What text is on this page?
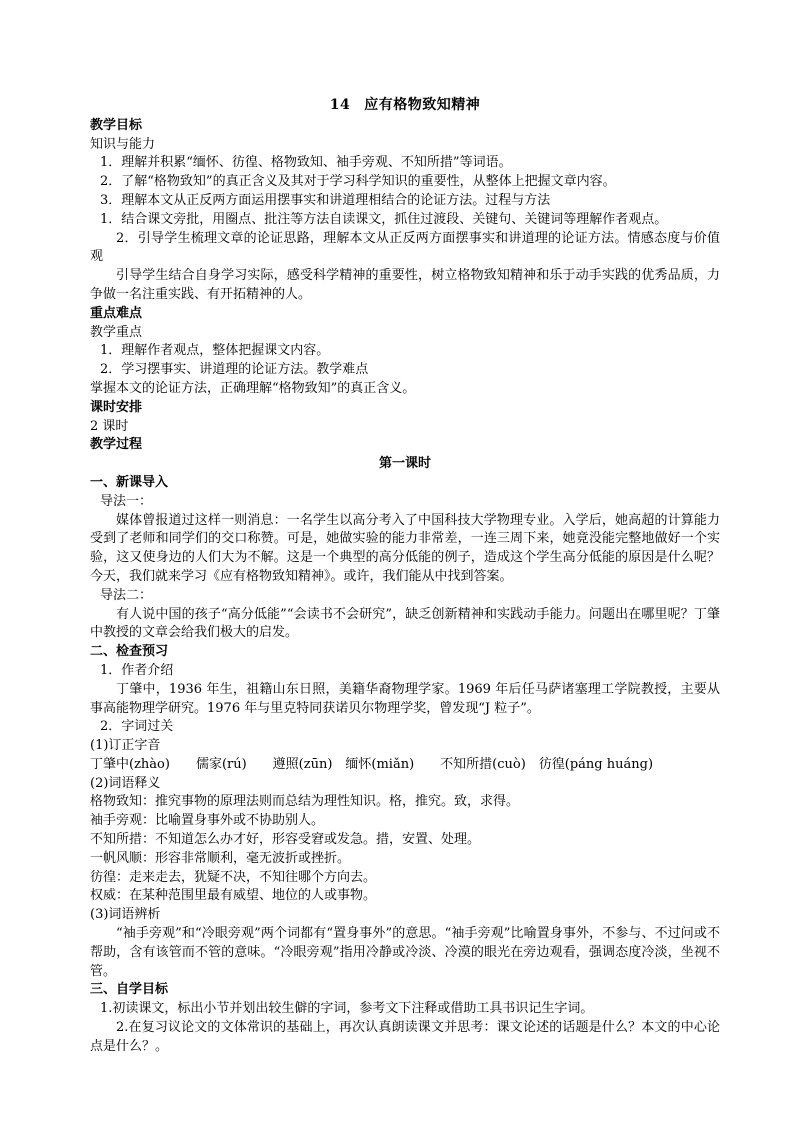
14 应有格物致知精神
教学目标
知识与能力
1．理解并积累“缅怀、彷徨、格物致知、袖手旁观、不知所措”等词语。
2．了解“格物致知”的真正含义及其对于学习科学知识的重要性，从整体上把握文章内容。
3．理解本文从正反两方面运用摆事实和讲道理相结合的论证方法。过程与方法
1．结合课文旁批，用圈点、批注等方法自读课文，抓住过渡段、关键句、关键词等理解作者观点。
2．引导学生梳理文章的论证思路，理解本文从正反两方面摆事实和讲道理的论证方法。情感态度与价值观
引导学生结合自身学习实际，感受科学精神的重要性，树立格物致知精神和乐于动手实践的优秀品质，力争做一名注重实践、有开拓精神的人。
重点难点
教学重点
1．理解作者观点，整体把握课文内容。
2．学习摆事实、讲道理的论证方法。教学难点
掌握本文的论证方法，正确理解“格物致知”的真正含义。
课时安排
2 课时
教学过程
第一课时
一、新课导入
导法一：
媒体曾报道过这样一则消息：一名学生以高分考入了中国科技大学物理专业。入学后，她高超的计算能力受到了老师和同学们的交口称赞。可是，她做实验的能力非常差，一连三周下来，她竟没能完整地做好一个实验，这又使身边的人们大为不解。这是一个典型的高分低能的例子，造成这个学生高分低能的原因是什么呢？今天，我们就来学习《应有格物致知精神》。或许，我们能从中找到答案。
导法二：
有人说中国的孩子“高分低能”“会读书不会研究”，缺乏创新精神和实践动手能力。问题出在哪里呢？丁肇中教授的文章会给我们极大的启发。
二、检查预习
1．作者介绍
丁肇中，1936 年生，祖籍山东日照，美籍华裔物理学家。1969 年后任马萨诸塞理工学院教授，主要从事高能物理学研究。1976 年与里克特同获诺贝尔物理学奖，曾发现“J 粒子”。
2．字词过关
(1)订正字音
丁肇中(zhào)　　儒家(rú)　　遵照(zūn)　缅怀(miǎn)　　不知所措(cuò)　彷徨(páng huáng)
(2)词语释义
格物致知：推究事物的原理法则而总结为理性知识。格，推究。致，求得。
袖手旁观：比喻置身事外或不协助别人。
不知所措：不知道怎么办才好，形容受窘或发急。措，安置、处理。
一帆风顺：形容非常顺利，毫无波折或挫折。
彷徨：走来走去，犹疑不决，不知往哪个方向去。
权威：在某种范围里最有威望、地位的人或事物。
(3)词语辨析
“袖手旁观”和“冷眼旁观”两个词都有“置身事外”的意思。“袖手旁观”比喻置身事外，不参与、不过问或不帮助，含有该管而不管的意味。“冷眼旁观”指用冷静或冷淡、冷漠的眼光在旁边观看，强调态度冷淡，坐视不管。
三、自学目标
1.初读课文，标出小节并划出较生僻的字词，参考文下注释或借助工具书识记生字词。
2.在复习议论文的文体常识的基础上，再次认真朗读课文并思考：课文论述的话题是什么？本文的中心论点是什么？。
